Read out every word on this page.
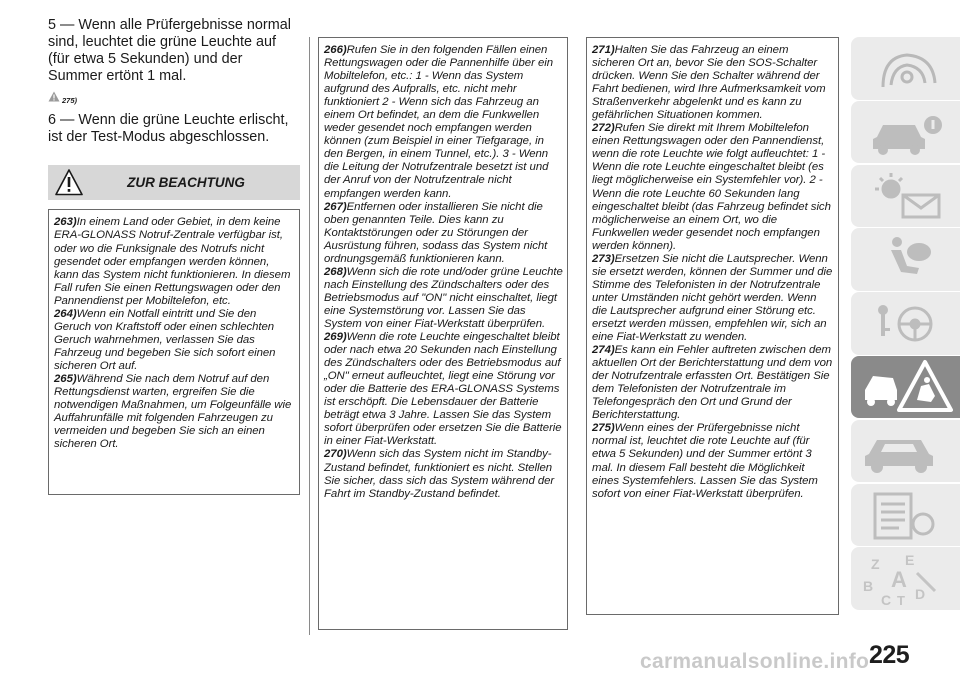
5 — Wenn alle Prüfergebnisse normal sind, leuchtet die grüne Leuchte auf (für etwa 5 Sekunden) und der Summer ertönt 1 mal.

275)

6 — Wenn die grüne Leuchte erlischt, ist der Test-Modus abgeschlossen.

ZUR BEACHTUNG

263)In einem Land oder Gebiet, in dem keine ERA-GLONASS Notruf-Zentrale verfügbar ist, oder wo die Funksignale des Notrufs nicht gesendet oder empfangen werden können, kann das System nicht funktionieren. In diesem Fall rufen Sie einen Rettungswagen oder den Pannendienst per Mobiltelefon, etc.

264)Wenn ein Notfall eintritt und Sie den Geruch von Kraftstoff oder einen schlechten Geruch wahrnehmen, verlassen Sie das Fahrzeug und begeben Sie sich sofort einen sicheren Ort auf.

265)Während Sie nach dem Notruf auf den Rettungsdienst warten, ergreifen Sie die notwendigen Maßnahmen, um Folgeunfälle wie Auffahrunfälle mit folgenden Fahrzeugen zu vermeiden und begeben Sie sich an einen sicheren Ort.

266)Rufen Sie in den folgenden Fällen einen Rettungswagen oder die Pannenhilfe über ein Mobiltelefon, etc.: 1 - Wenn das System aufgrund des Aufpralls, etc. nicht mehr funktioniert 2 - Wenn sich das Fahrzeug an einem Ort befindet, an dem die Funkwellen weder gesendet noch empfangen werden können (zum Beispiel in einer Tiefgarage, in den Bergen, in einem Tunnel, etc.). 3 - Wenn die Leitung der Notrufzentrale besetzt ist und der Anruf von der Notrufzentrale nicht empfangen werden kann.

267)Entfernen oder installieren Sie nicht die oben genannten Teile. Dies kann zu Kontaktstörungen oder zu Störungen der Ausrüstung führen, sodass das System nicht ordnungsgemäß funktionieren kann.

268)Wenn sich die rote und/oder grüne Leuchte nach Einstellung des Zündschalters oder des Betriebsmodus auf "ON" nicht einschaltet, liegt eine Systemstörung vor. Lassen Sie das System von einer Fiat-Werkstatt überprüfen.

269)Wenn die rote Leuchte eingeschaltet bleibt oder nach etwa 20 Sekunden nach Einstellung des Zündschalters oder des Betriebsmodus auf „ON" erneut aufleuchtet, liegt eine Störung vor oder die Batterie des ERA-GLONASS Systems ist erschöpft. Die Lebensdauer der Batterie beträgt etwa 3 Jahre. Lassen Sie das System sofort überprüfen oder ersetzen Sie die Batterie in einer Fiat-Werkstatt.

270)Wenn sich das System nicht im Standby-Zustand befindet, funktioniert es nicht. Stellen Sie sicher, dass sich das System während der Fahrt im Standby-Zustand befindet.

271)Halten Sie das Fahrzeug an einem sicheren Ort an, bevor Sie den SOS-Schalter drücken. Wenn Sie den Schalter während der Fahrt bedienen, wird Ihre Aufmerksamkeit vom Straßenverkehr abgelenkt und es kann zu gefährlichen Situationen kommen.

272)Rufen Sie direkt mit Ihrem Mobiltelefon einen Rettungswagen oder den Pannendienst, wenn die rote Leuchte wie folgt aufleuchtet: 1 - Wenn die rote Leuchte eingeschaltet bleibt (es liegt möglicherweise ein Systemfehler vor). 2 - Wenn die rote Leuchte 60 Sekunden lang eingeschaltet bleibt (das Fahrzeug befindet sich möglicherweise an einem Ort, wo die Funkwellen weder gesendet noch empfangen werden können).

273)Ersetzen Sie nicht die Lautsprecher. Wenn sie ersetzt werden, können der Summer und die Stimme des Telefonisten in der Notrufzentrale unter Umständen nicht gehört werden. Wenn die Lautsprecher aufgrund einer Störung etc. ersetzt werden müssen, empfehlen wir, sich an eine Fiat-Werkstatt zu wenden.

274)Es kann ein Fehler auftreten zwischen dem aktuellen Ort der Berichterstattung und dem von der Notrufzentrale erfassten Ort. Bestätigen Sie dem Telefonisten der Notrufzentrale im Telefongespräch den Ort und Grund der Berichterstattung.

275)Wenn eines der Prüfergebnisse nicht normal ist, leuchtet die rote Leuchte auf (für etwa 5 Sekunden) und der Summer ertönt 3 mal. In diesem Fall besteht die Möglichkeit eines Systemfehlers. Lassen Sie das System sofort von einer Fiat-Werkstatt überprüfen.

Z E
B A
C T D
carmanualsonline.info 225
